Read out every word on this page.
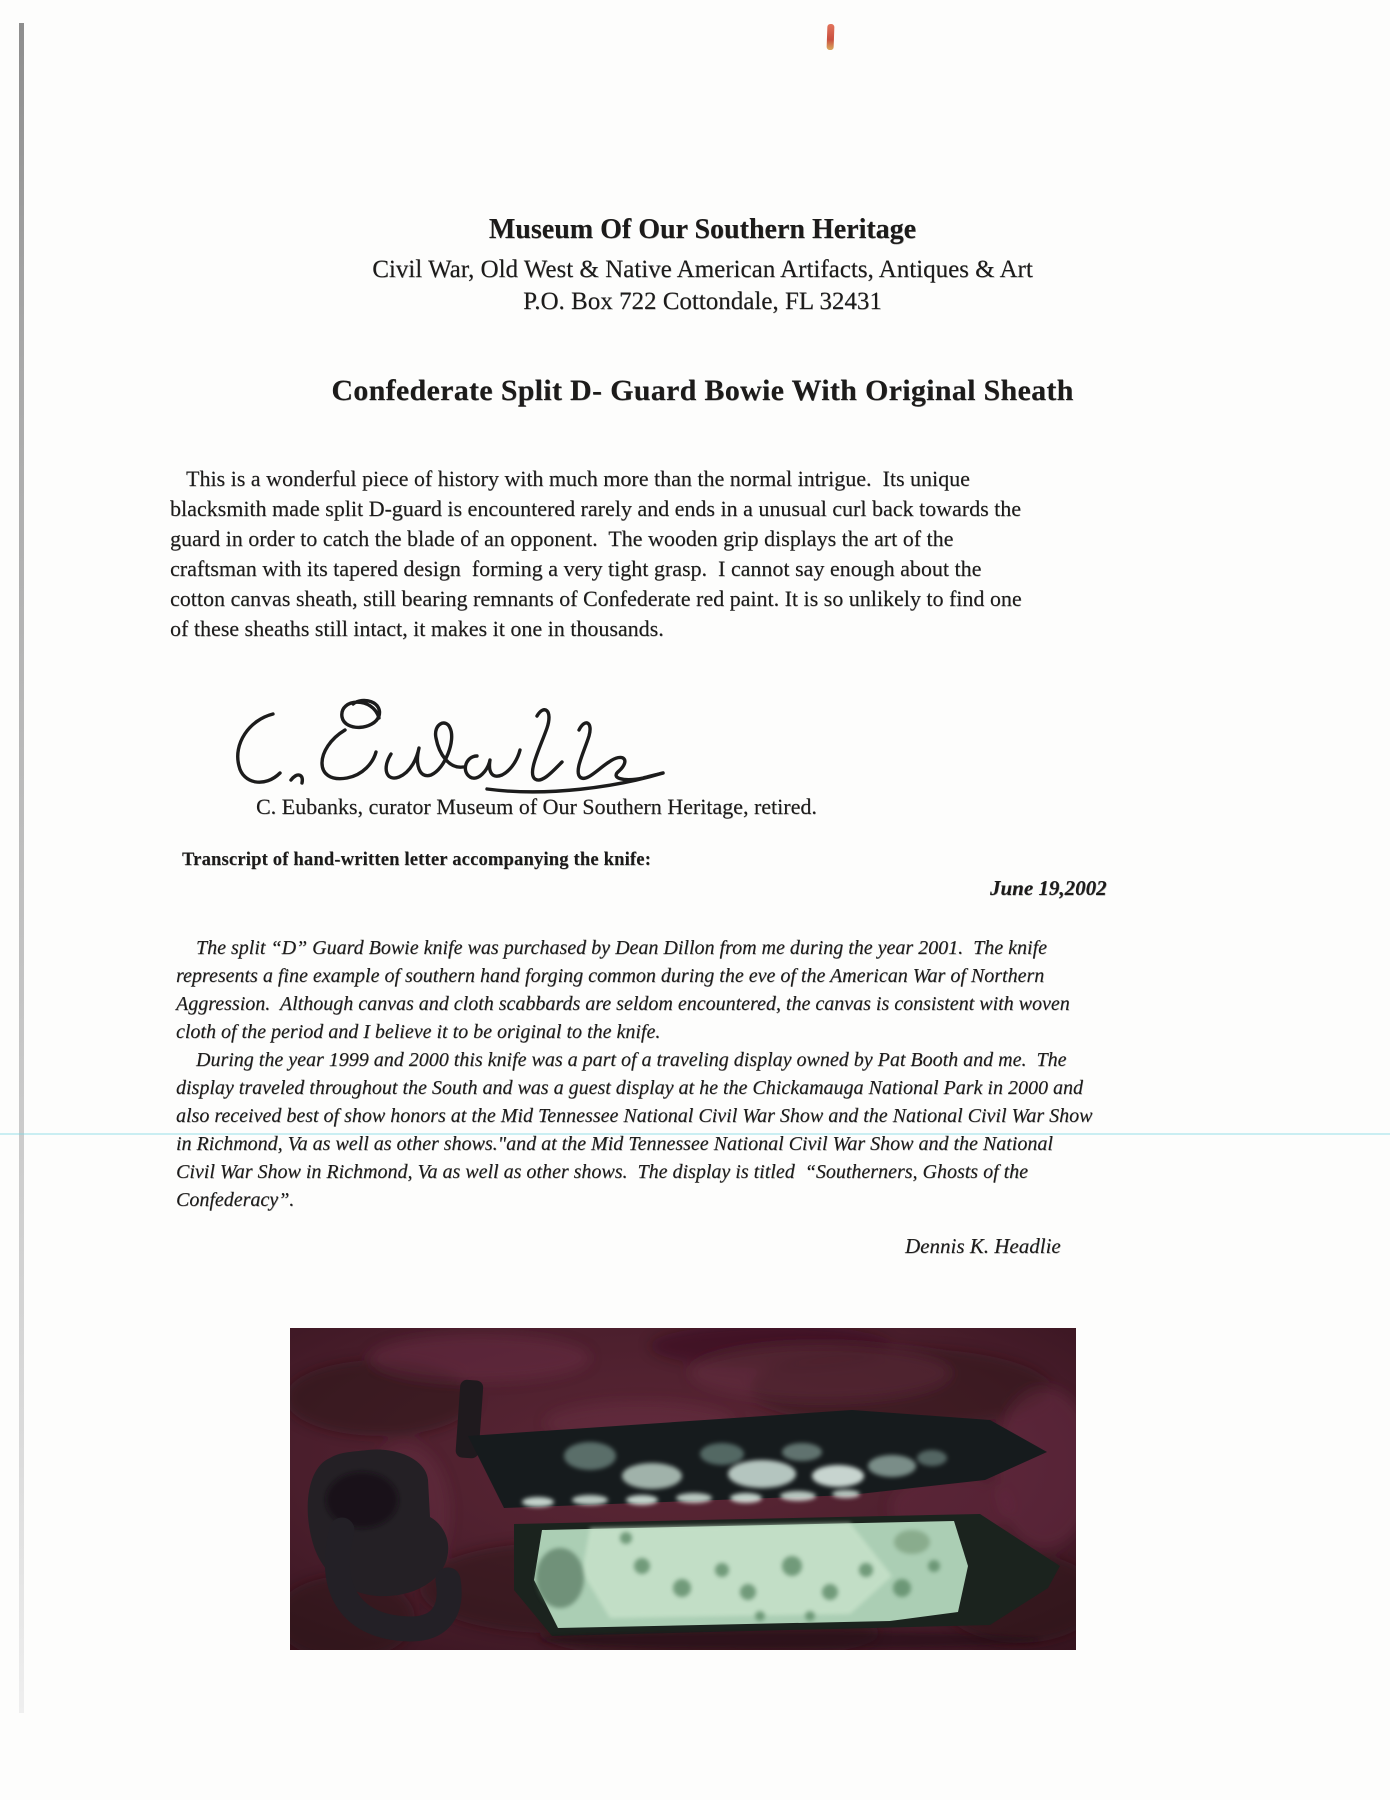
Museum Of Our Southern Heritage
Civil War, Old West & Native American Artifacts, Antiques & Art
P.O. Box 722 Cottondale, FL 32431
Confederate Split D- Guard Bowie With Original Sheath
This is a wonderful piece of history with much more than the normal intrigue.  Its unique
blacksmith made split D-guard is encountered rarely and ends in a unusual curl back towards the
guard in order to catch the blade of an opponent.  The wooden grip displays the art of the
craftsman with its tapered design  forming a very tight grasp.  I cannot say enough about the
cotton canvas sheath, still bearing remnants of Confederate red paint. It is so unlikely to find one
of these sheaths still intact, it makes it one in thousands.
C. Eubanks, curator Museum of Our Southern Heritage, retired.
Transcript of hand-written letter accompanying the knife:
June 19,2002
The split “D” Guard Bowie knife was purchased by Dean Dillon from me during the year 2001.  The knife
represents a fine example of southern hand forging common during the eve of the American War of Northern
Aggression.  Although canvas and cloth scabbards are seldom encountered, the canvas is consistent with woven
cloth of the period and I believe it to be original to the knife.
During the year 1999 and 2000 this knife was a part of a traveling display owned by Pat Booth and me.  The
display traveled throughout the South and was a guest display at he the Chickamauga National Park in 2000 and
also received best of show honors at the Mid Tennessee National Civil War Show and the National Civil War Show
in Richmond, Va as well as other shows."and at the Mid Tennessee National Civil War Show and the National
Civil War Show in Richmond, Va as well as other shows.  The display is titled  “Southerners, Ghosts of the
Confederacy”.
Dennis K. Headlie
